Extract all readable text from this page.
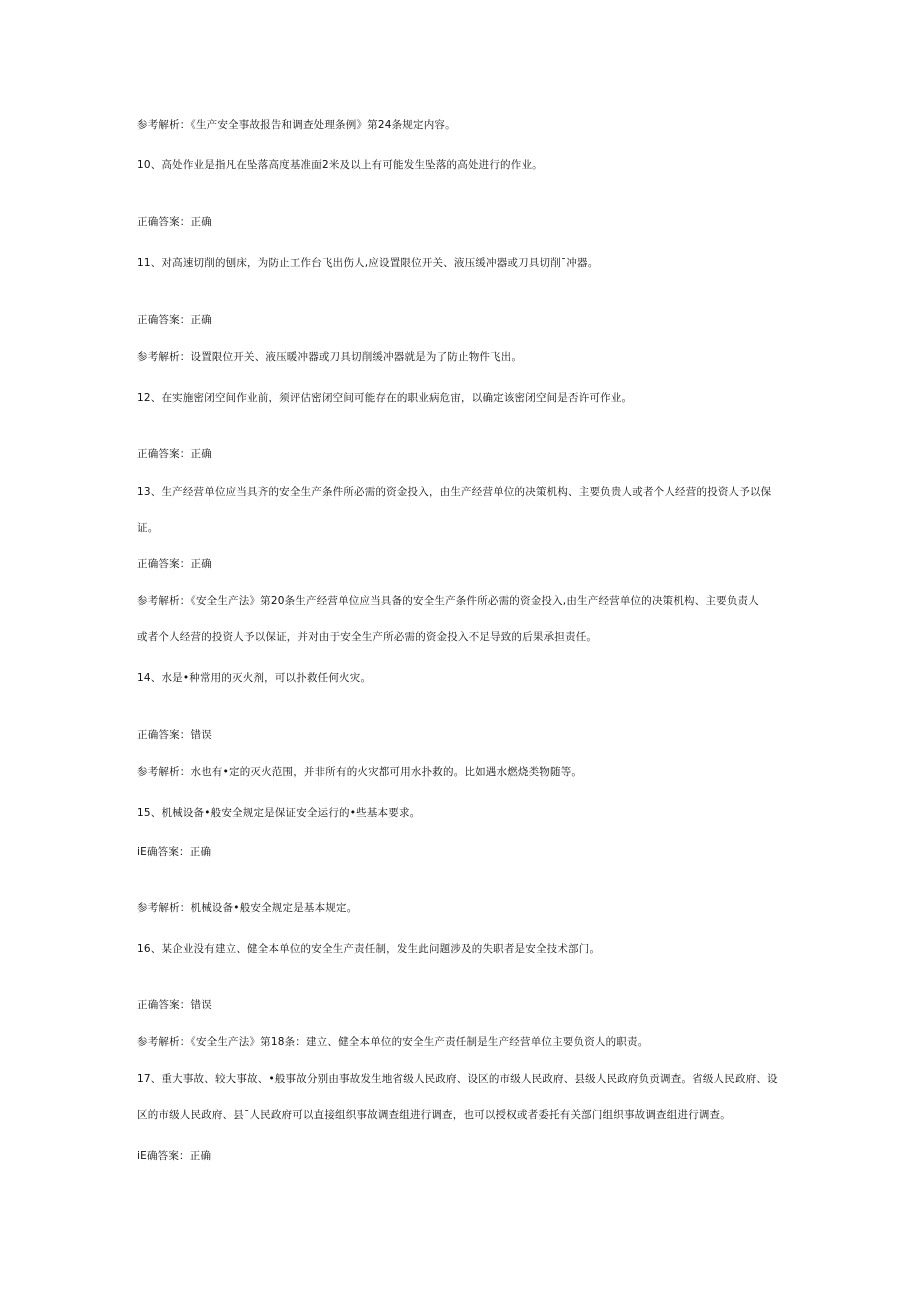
参考解析：《生产安全事故报告和调查处理条例》第24条规定内容。
10、高处作业是指凡在坠落高度基准面2米及以上有可能发生坠落的高处进行的作业。
正确答案：正确
11、对高速切削的刨床，为防止工作台飞出伤人,应设置限位开关、液压缓冲器或刀具切削¯冲器。
正确答案：正确
参考解析：设置限位开关、液压暖冲器或刀具切削缓冲器就是为了防止物件飞出。
12、在实施密闭空间作业前，须评估密闭空间可能存在的职业病危宙，以确定该密闭空间是否许可作业。
正确答案：正确
13、生产经营单位应当具齐的安全生产条件所必需的资金投入，由生产经营单位的决策机构、主要负贵人或者个人经营的投资人予以保
证。
正确答案：正确
参考解析：《安全生产法》第20条生产经营单位应当具备的安全生产条件所必需的资金投入,由生产经营单位的决策机构、主要负责人
或者个人经营的投资人予以保证，并对由于安全生产所必需的资金投入不足导致的后果承担责任。
14、水是•种常用的灭火剂，可以扑救任何火灾。
正确答案：错误
参考解析：水也有•定的灭火范围，并非所有的火灾都可用水扑救的。比如遇水燃烧类物随等。
15、机械设备•般安全规定是保证安全运行的•些基本要求。
iE确答案：正确
参考解析：机械设备•般安全规定是基本规定。
16、某企业没有建立、健全本单位的安全生产责任制，发生此问题涉及的失职者是安全技术部门。
正确答案：错误
参考解析：《安全生产法》第18条：建立、健全本单位的安全生产责任制是生产经营单位主要负资人的职责。
17、重大事故、较大事故、•般事故分别由事故发生地省级人民政府、设区的市级人民政府、县级人民政府负贡调查。省级人民政府、设
区的市级人民政府、县¯人民政府可以直接组织事故调查组进行调查，也可以授权或者委托有关部门组织事故调查组进行调查。
iE确答案：正确
